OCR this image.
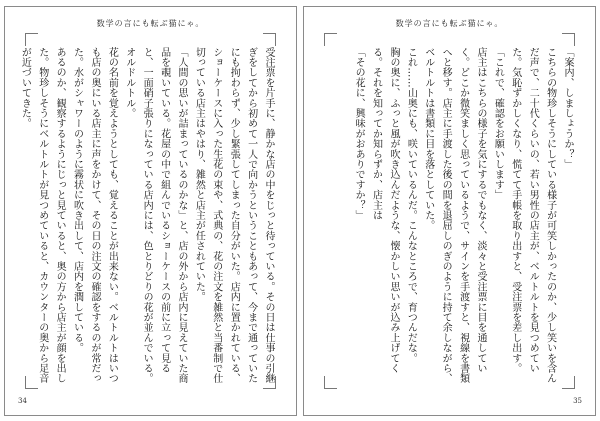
数学の言にも転ぶ猫にゃ。

受注票を片手に、静かな店の中をじっと待っている。その日は仕事の引継ぎをしてから初めて一人で向かうということもあって、今まで通っていたにも拘わらず、少し緊張してしまった自分がいた。店内に置かれている、ショーケースに入った生花の束や、式典の、花の注文を雑然と当番制で仕切っている店主はやはり、雑然と店主が任されていた。

「人間の思いが詰まっているのかな」と、店の外から店内に見えていた商品を覗いている。花屋の中で組んでいるショーケースの前に立って見ると、一面硝子張りになっている店内には、色とりどりの花が並んでいる。オルドルトル。

花の名前を覚えようとしても、覚えることが出来ない。ベルトルトはいつも店の奥にいる店主に声をかけて、その日の注文の確認をするのが常だった。水がシャワーのように霧状に吹き出して、店内を潤している。

あるのか、観察するようにじっと見ていると、奥の方から店主が顔を出した。物珍しそうにベルトルトが見つめていると、カウンターの奥から足音が近づいてきた。

34
数学の言にも転ぶ猫にゃ。

「案内、しましょうか？」

こちらの物珍しそうにしている様子が可笑しかったのか、少し笑いを含んだ声で、二十代くらいの、若い男性の店主が、ベルトルトを見つめていた。気恥ずかしくなり、慌てて手帳を取り出すと、受注票を差し出す。

「これで、確認をお願いします」

店主はこちらの様子を気にするでもなく、淡々と受注票に目を通していく。どこか微笑ましく思っているようで、サインを手渡すと、視線を書類へと移す。店主に手渡した後の間を退屈しのぎのように持て余しながら、ベルトルトは書類に目を落としていた。

これ……山奥にも、咲いているんだ。こんなところで、育つんだな。

胸の奥に、ふっと風が吹き込んだような、懐かしい思いが込み上げてくる。それを知ってか知らずか、店主は

「その花に、興味がおありですか？」

35
